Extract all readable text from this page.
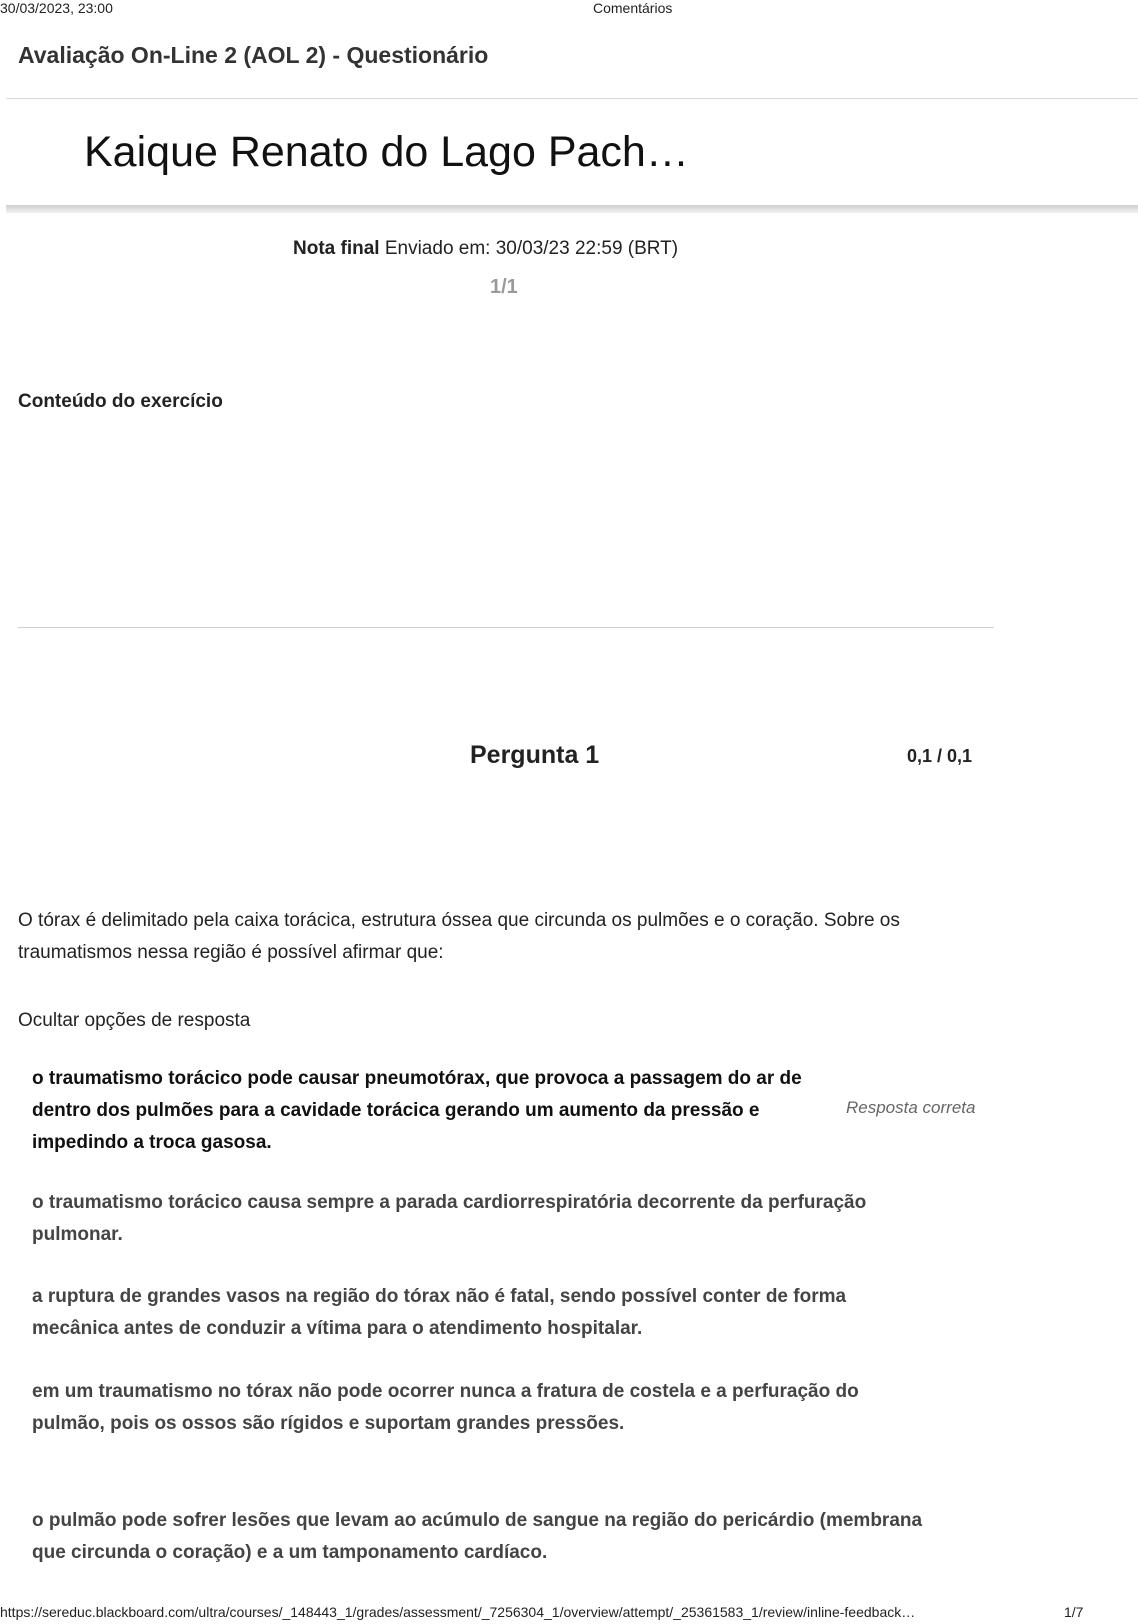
30/03/2023, 23:00	Comentários
Avaliação On-Line 2 (AOL 2) - Questionário
Kaique Renato do Lago Pach…
Nota final Enviado em: 30/03/23 22:59 (BRT)
1/1
Conteúdo do exercício
Pergunta 1	0,1 / 0,1
O tórax é delimitado pela caixa torácica, estrutura óssea que circunda os pulmões e o coração. Sobre os traumatismos nessa região é possível afirmar que:
Ocultar opções de resposta
o traumatismo torácico pode causar pneumotórax, que provoca a passagem do ar de dentro dos pulmões para a cavidade torácica gerando um aumento da pressão e impedindo a troca gasosa.
Resposta correta
o traumatismo torácico causa sempre a parada cardiorrespiratória decorrente da perfuração pulmonar.
a ruptura de grandes vasos na região do tórax não é fatal, sendo possível conter de forma mecânica antes de conduzir a vítima para o atendimento hospitalar.
em um traumatismo no tórax não pode ocorrer nunca a fratura de costela e a perfuração do pulmão, pois os ossos são rígidos e suportam grandes pressões.
o pulmão pode sofrer lesões que levam ao acúmulo de sangue na região do pericárdio (membrana que circunda o coração) e a um tamponamento cardíaco.
https://sereduc.blackboard.com/ultra/courses/_148443_1/grades/assessment/_7256304_1/overview/attempt/_25361583_1/review/inline-feedback…	1/7
